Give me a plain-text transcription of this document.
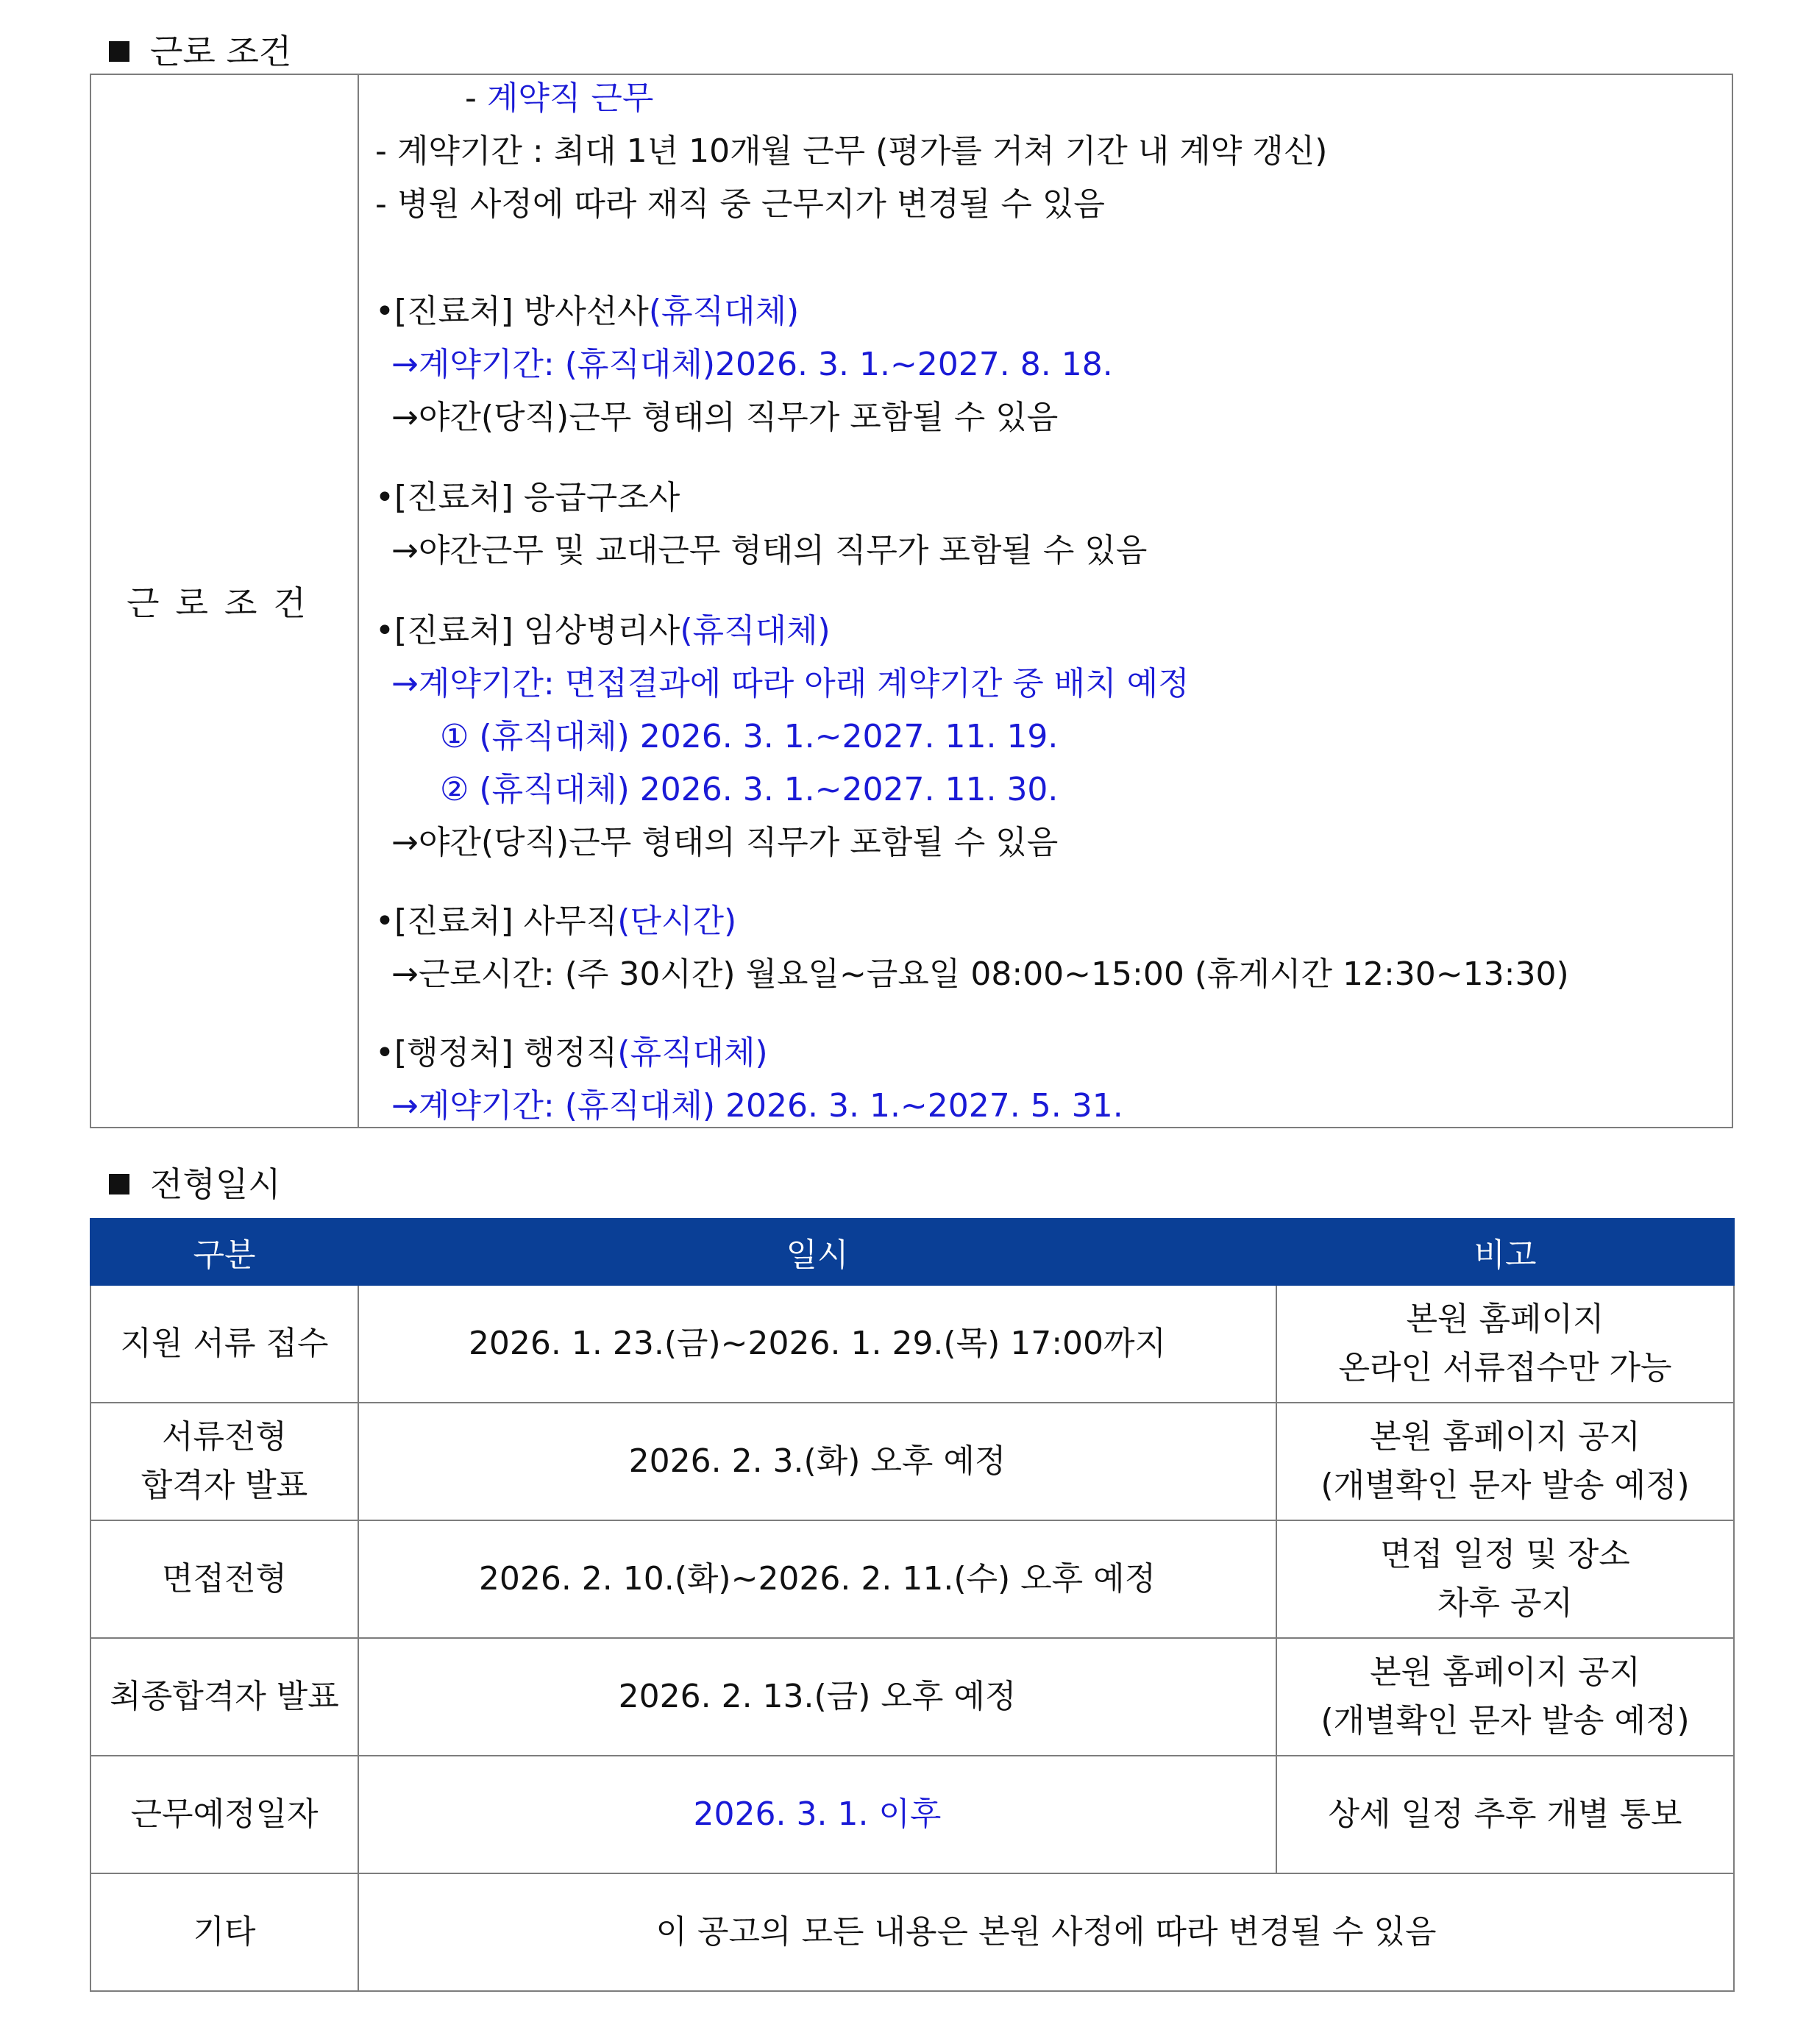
근로 조건
근로조건
- 계약직 근무
- 계약기간 : 최대 1년 10개월 근무 (평가를 거쳐 기간 내 계약 갱신)
- 병원 사정에 따라 재직 중 근무지가 변경될 수 있음
•[진료처] 방사선사(휴직대체)
→계약기간: (휴직대체)2026. 3. 1.~2027. 8. 18.
→야간(당직)근무 형태의 직무가 포함될 수 있음
•[진료처] 응급구조사
→야간근무 및 교대근무 형태의 직무가 포함될 수 있음
•[진료처] 임상병리사(휴직대체)
→계약기간: 면접결과에 따라 아래 계약기간 중 배치 예정
① (휴직대체) 2026. 3. 1.~2027. 11. 19.
② (휴직대체) 2026. 3. 1.~2027. 11. 30.
→야간(당직)근무 형태의 직무가 포함될 수 있음
•[진료처] 사무직(단시간)
→근로시간: (주 30시간) 월요일~금요일 08:00~15:00 (휴게시간 12:30~13:30)
•[행정처] 행정직(휴직대체)
→계약기간: (휴직대체) 2026. 3. 1.~2027. 5. 31.
전형일시
구분	일시	비고
지원 서류 접수	2026. 1. 23.(금)~2026. 1. 29.(목) 17:00까지	본원 홈페이지
온라인 서류접수만 가능

서류전형
합격자 발표	2026. 2. 3.(화) 오후 예정	본원 홈페이지 공지
(개별확인 문자 발송 예정)

면접전형	2026. 2. 10.(화)~2026. 2. 11.(수) 오후 예정	면접 일정 및 장소
차후 공지

최종합격자 발표	2026. 2. 13.(금) 오후 예정	본원 홈페이지 공지
(개별확인 문자 발송 예정)

근무예정일자	2026. 3. 1. 이후	상세 일정 추후 개별 통보

기타	이 공고의 모든 내용은 본원 사정에 따라 변경될 수 있음	
